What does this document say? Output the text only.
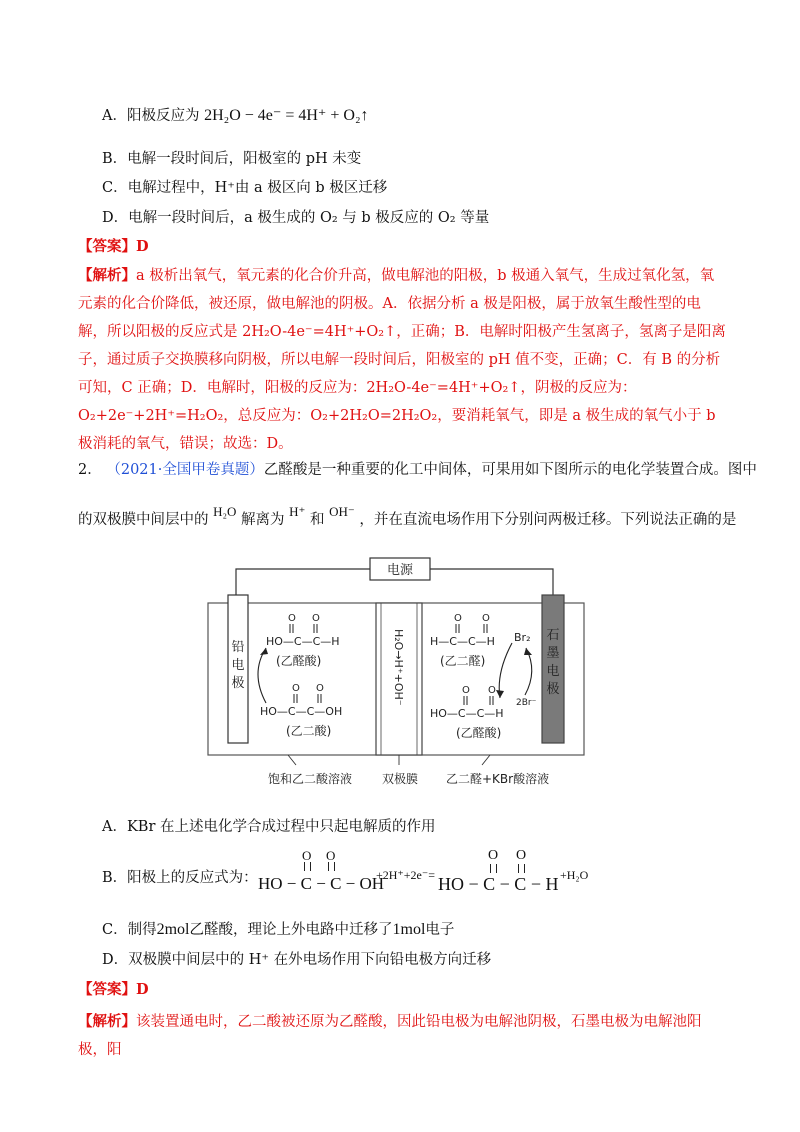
A．阳极反应为 2H₂O − 4e⁻ = 4H⁺ + O₂↑
B．电解一段时间后，阳极室的 pH 未变
C．电解过程中，H⁺由 a 极区向 b 极区迁移
D．电解一段时间后，a 极生成的 O₂ 与 b 极反应的 O₂ 等量
【答案】D
【解析】a 极析出氧气，氧元素的化合价升高，做电解池的阳极，b 极通入氧气，生成过氧化氢，氧元素的化合价降低，被还原，做电解池的阴极。A．依据分析 a 极是阳极，属于放氧生酸性型的电解，所以阳极的反应式是 2H₂O-4e⁻=4H⁺+O₂↑，正确；B．电解时阳极产生氢离子，氢离子是阳离子，通过质子交换膜移向阴极，所以电解一段时间后，阳极室的 pH 值不变，正确；C．有 B 的分析可知，C 正确；D．电解时，阳极的反应为：2H₂O-4e⁻=4H⁺+O₂↑，阴极的反应为：O₂+2e⁻+2H⁺=H₂O₂，总反应为：O₂+2H₂O=2H₂O₂，要消耗氧气，即是 a 极生成的氧气小于 b 极消耗的氧气，错误；故选：D。
2． （2021·全国甲卷真题）乙醛酸是一种重要的化工中间体，可果用如下图所示的电化学装置合成。图中
的双极膜中间层中的 H₂O 解离为 H⁺ 和 OH⁻ ，并在直流电场作用下分别问两极迁移。下列说法正确的是
电源
H₂O→H⁺+OH⁻
铅
电
极
石
墨
电
极
O O
HO—C—C—H
(乙醛酸)
O O
HO—C—C—OH
(乙二酸)
O O
H—C—C—H
(乙二醛)
O O
HO—C—C—H
(乙醛酸)
Br₂
2Br⁻
饱和乙二酸溶液 双极膜 乙二醛+KBr酸溶液
A．KBr 在上述电化学合成过程中只起电解质的作用
B．阳极上的反应式为：
O O
HO − C − C − OH
+2H⁺+2e⁻=
O O
HO − C − C − H +H₂O
C．制得2mol乙醛酸，理论上外电路中迁移了1mol电子
D．双极膜中间层中的 H⁺ 在外电场作用下向铅电极方向迁移
【答案】D
【解析】该装置通电时，乙二酸被还原为乙醛酸，因此铅电极为电解池阴极，石墨电极为电解池阳极，阳
